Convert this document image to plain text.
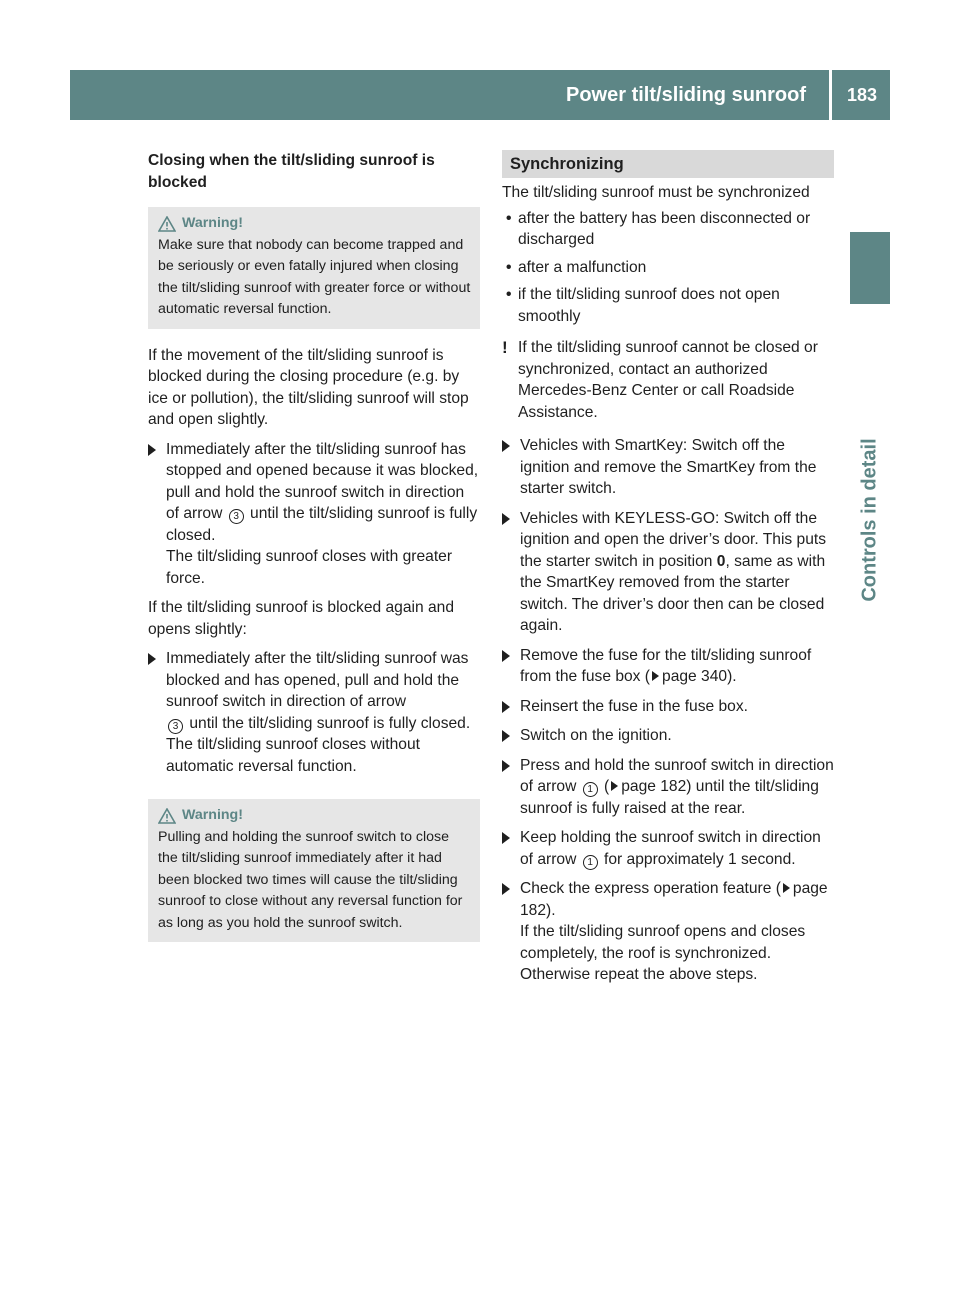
Power tilt/sliding sunroof	183
Controls in detail
Closing when the tilt/sliding sunroof is
blocked
Warning!

Make sure that nobody can become trapped and be seriously or even fatally injured when closing the tilt/sliding sunroof with greater force or without automatic reversal function.

If the movement of the tilt/sliding sunroof is blocked during the closing procedure (e.g. by ice or pollution), the tilt/sliding sunroof will stop and open slightly.

Immediately after the tilt/sliding sunroof has stopped and opened because it was blocked, pull and hold the sunroof switch in direction of arrow 3 until the tilt/sliding sunroof is fully closed.
The tilt/sliding sunroof closes with greater force.

If the tilt/sliding sunroof is blocked again and opens slightly:

Immediately after the tilt/sliding sunroof was blocked and has opened, pull and hold the sunroof switch in direction of arrow
3 until the tilt/sliding sunroof is fully closed.
The tilt/sliding sunroof closes without automatic reversal function.
Warning!

Pulling and holding the sunroof switch to close the tilt/sliding sunroof immediately after it had been blocked two times will cause the tilt/sliding sunroof to close without any reversal function for as long as you hold the sunroof switch.

Synchronizing

The tilt/sliding sunroof must be synchronized

• after the battery has been disconnected or discharged
• after a malfunction
• if the tilt/sliding sunroof does not open smoothly
! If the tilt/sliding sunroof cannot be closed or synchronized, contact an authorized Mercedes-Benz Center or call Roadside Assistance.
Vehicles with SmartKey: Switch off the ignition and remove the SmartKey from the starter switch.
Vehicles with KEYLESS-GO: Switch off the ignition and open the driver’s door. This puts the starter switch in position 0, same as with the SmartKey removed from the starter switch. The driver’s door then can be closed again.
Remove the fuse for the tilt/sliding sunroof from the fuse box ( page 340).
Reinsert the fuse in the fuse box.
Switch on the ignition.
Press and hold the sunroof switch in direction of arrow 1 ( page 182) until the tilt/sliding sunroof is fully raised at the rear.
Keep holding the sunroof switch in direction of arrow 1 for approximately 1 second.
Check the express operation feature ( page 182).
If the tilt/sliding sunroof opens and closes completely, the roof is synchronized. Otherwise repeat the above steps.
